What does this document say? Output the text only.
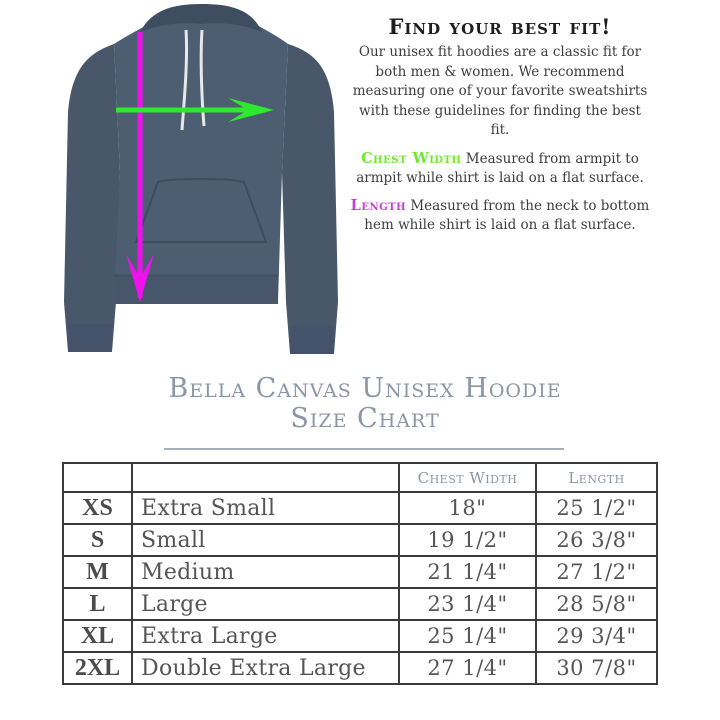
Find your best fit!
Our unisex fit hoodies are a classic fit for both men & women. We recommend measuring one of your favorite sweatshirts with these guidelines for finding the best fit.
Chest Width Measured from armpit to armpit while shirt is laid on a flat surface.
Length Measured from the neck to bottom hem while shirt is laid on a flat surface.
Bella Canvas Unisex Hoodie
Size Chart
		Chest Width	Length
XS	Extra Small	18"	25 1/2"
S	Small	19 1/2"	26 3/8"
M	Medium	21 1/4"	27 1/2"
L	Large	23 1/4"	28 5/8"
XL	Extra Large	25 1/4"	29 3/4"
2XL	Double Extra Large	27 1/4"	30 7/8"
